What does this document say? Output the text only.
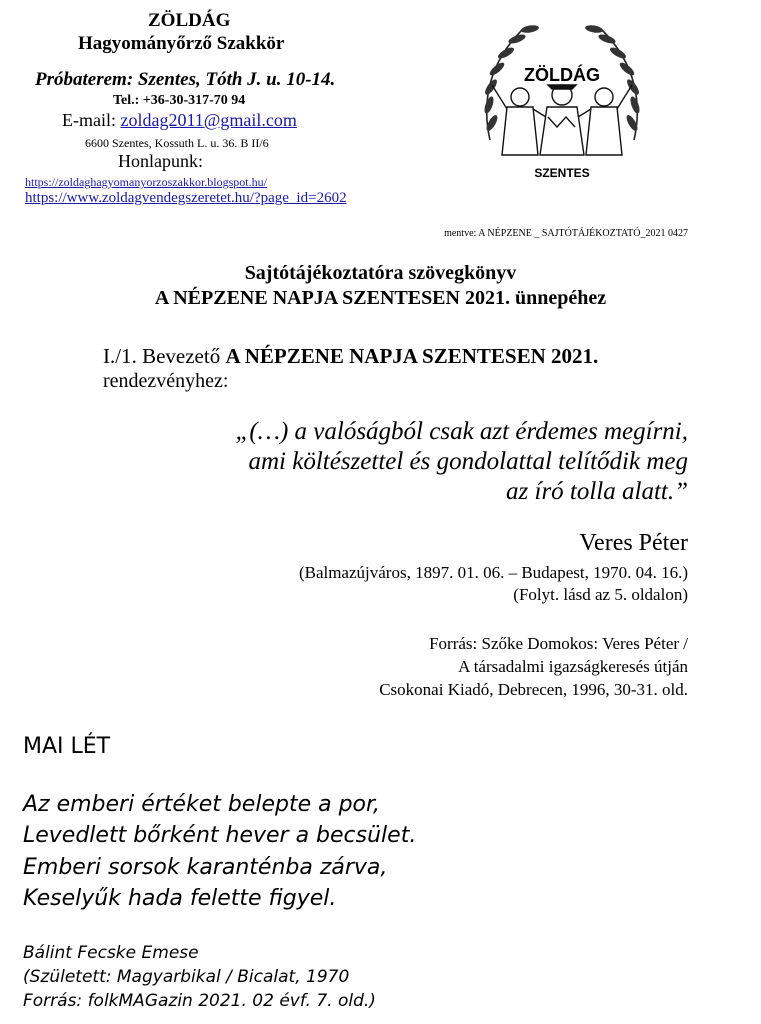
ZÖLDÁG
Hagyományőrző Szakkör
Próbaterem: Szentes, Tóth J. u. 10-14.
Tel.: +36-30-317-70 94
E-mail: zoldag2011@gmail.com
6600 Szentes, Kossuth L. u. 36. B II/6
Honlapunk:
https://zoldaghagyomanyorzoszakkor.blogspot.hu/
https://www.zoldagvendegszeretet.hu/?page_id=2602
ZÖLDÁG
SZENTES
mentve: A NÉPZENE _ SAJTÓTÁJÉKOZTATÓ_2021 0427
Sajtótájékoztatóra szövegkönyv
A NÉPZENE NAPJA SZENTESEN 2021. ünnepéhez
I./1. Bevezető A NÉPZENE NAPJA SZENTESEN 2021.
rendezvényhez:
„(…) a valóságból csak azt érdemes megírni,
ami költészettel és gondolattal telítődik meg
az író tolla alatt.”
Veres Péter
(Balmazújváros, 1897. 01. 06. – Budapest, 1970. 04. 16.)
(Folyt. lásd az 5. oldalon)
Forrás: Szőke Domokos: Veres Péter /
A társadalmi igazságkeresés útján
Csokonai Kiadó, Debrecen, 1996, 30-31. old.
MAI LÉT
Az emberi értéket belepte a por,
Levedlett bőrként hever a becsület.
Emberi sorsok karanténba zárva,
Keselyűk hada felette figyel.
Bálint Fecske Emese
(Született: Magyarbikal / Bicalat, 1970
Forrás: folkMAGazin 2021. 02 évf. 7. old.)
